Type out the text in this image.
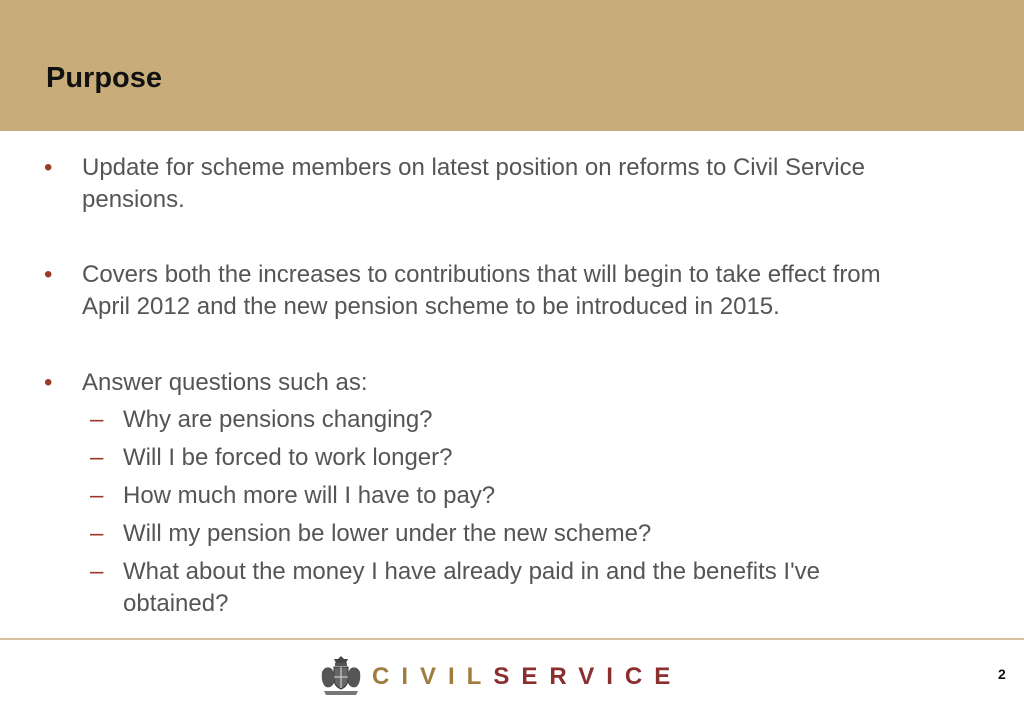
Purpose
•	Update for scheme members on latest position on reforms to Civil Service
pensions.
•	Covers both the increases to contributions that will begin to take effect from
April 2012 and the new pension scheme to be introduced in 2015.
•	Answer questions such as:
– Why are pensions changing?
– Will I be forced to work longer?
– How much more will I have to pay?
– Will my pension be lower under the new scheme?
– What about the money I have already paid in and the benefits I've
obtained?
CIVILSERVICE	2
